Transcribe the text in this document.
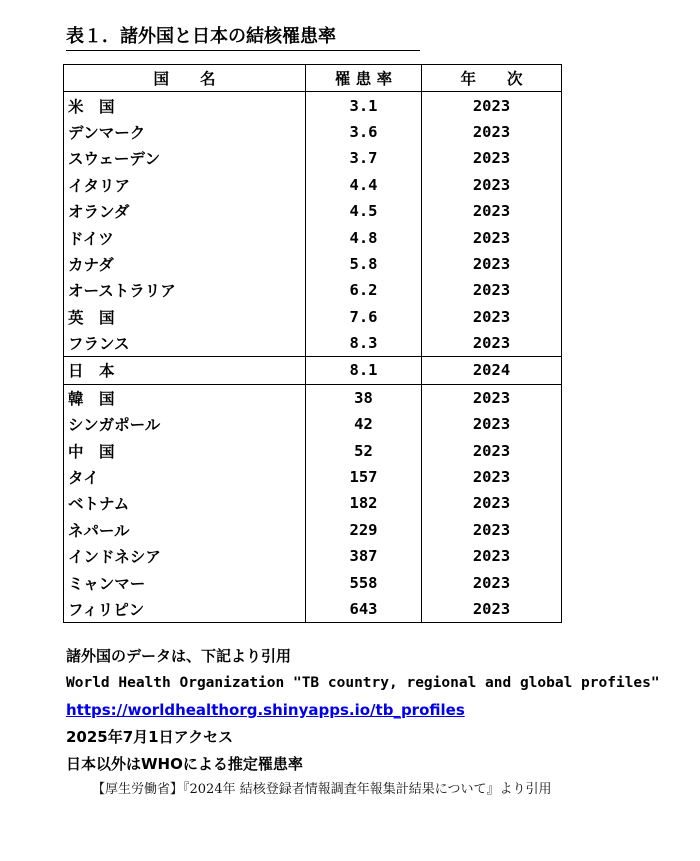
表１．諸外国と日本の結核罹患率
国　　名	罹 患 率	年　　次
米　国	3.1	2023
デンマーク	3.6	2023
スウェーデン	3.7	2023
イタリア	4.4	2023
オランダ	4.5	2023
ドイツ	4.8	2023
カナダ	5.8	2023
オーストラリア	6.2	2023
英　国	7.6	2023
フランス	8.3	2023
日　本	8.1	2024
韓　国	38	2023
シンガポール	42	2023
中　国	52	2023
タイ	157	2023
ベトナム	182	2023
ネパール	229	2023
インドネシア	387	2023
ミャンマー	558	2023
フィリピン	643	2023
諸外国のデータは、下記より引用
World Health Organization "TB country, regional and global profiles"
https://worldhealthorg.shinyapps.io/tb_profiles
2025年7月1日アクセス
日本以外はWHOによる推定罹患率
【厚生労働省】『2024年 結核登録者情報調査年報集計結果について』より引用
